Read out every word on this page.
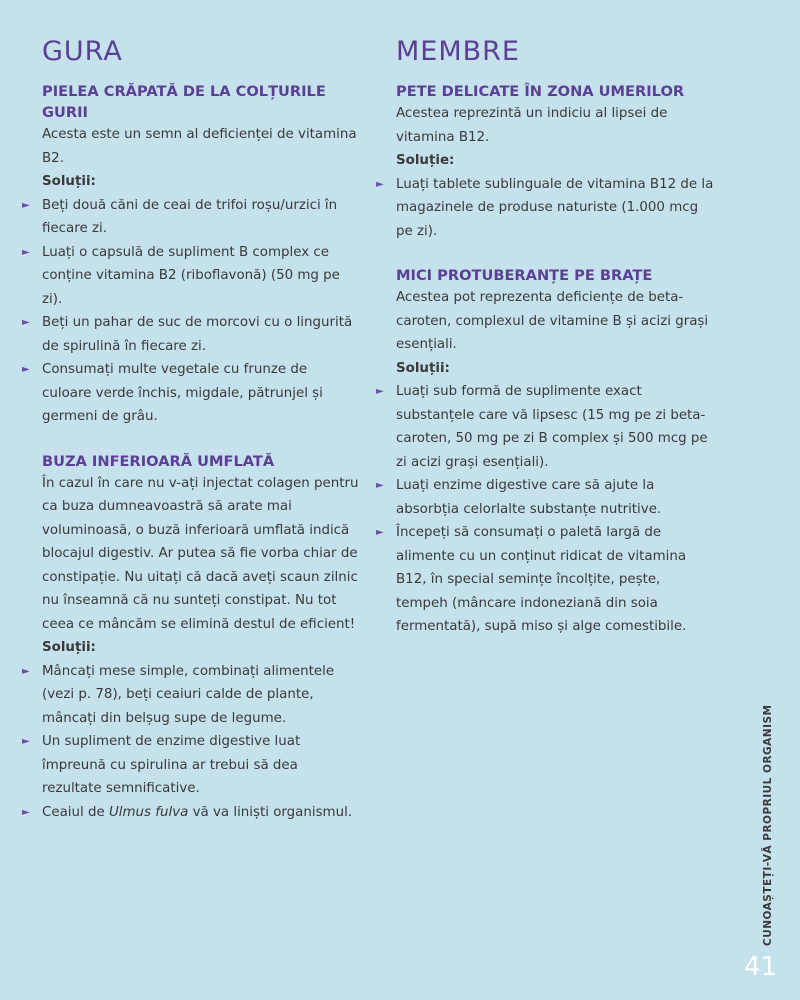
GURA
PIELEA CRĂPATĂ DE LA COLȚURILE GURII

Acesta este un semn al deficienței de vitamina B2.

Soluții:
► Beți două căni de ceai de trifoi roșu/urzici în fiecare zi.
► Luați o capsulă de supliment B complex ce conține vitamina B2 (riboflavonă) (50 mg pe zi).
► Beți un pahar de suc de morcovi cu o lingurită de spirulină în fiecare zi.
► Consumați multe vegetale cu frunze de culoare verde închis, migdale, pătrunjel și germeni de grâu.
BUZA INFERIOARĂ UMFLATĂ

În cazul în care nu v-ați injectat colagen pentru ca buza dumneavoastră să arate mai voluminoasă, o buză inferioară umflată indică blocajul digestiv. Ar putea să fie vorba chiar de constipație. Nu uitați că dacă aveți scaun zilnic nu înseamnă că nu sunteți constipat. Nu tot ceea ce mâncăm se elimină destul de eficient!

Soluții:
► Mâncați mese simple, combinați alimentele (vezi p. 78), beți ceaiuri calde de plante, mâncați din belșug supe de legume.
► Un supliment de enzime digestive luat împreună cu spirulina ar trebui să dea rezultate semnificative.
► Ceaiul de Ulmus fulva vă va liniști organismul.
MEMBRE
PETE DELICATE ÎN ZONA UMERILOR

Acestea reprezintă un indiciu al lipsei de vitamina B12.

Soluție:
► Luați tablete sublinguale de vitamina B12 de la magazinele de produse naturiste (1.000 mcg pe zi).
MICI PROTUBERANȚE PE BRAȚE

Acestea pot reprezenta deficiențe de beta-caroten, complexul de vitamine B și acizi grași esențiali.

Soluții:
► Luați sub formă de suplimente exact substanțele care vă lipsesc (15 mg pe zi beta-caroten, 50 mg pe zi B complex și 500 mcg pe zi acizi grași esențiali).
► Luați enzime digestive care să ajute la absorbția celorlalte substanțe nutritive.
► Începeți să consumați o paletă largă de alimente cu un conținut ridicat de vitamina B12, în special semințe încolțite, pește, tempeh (mâncare indoneziană din soia fermentată), supă miso și alge comestibile.
CUNOAȘTEȚI-VĂ PROPRIUL ORGANISM
41
